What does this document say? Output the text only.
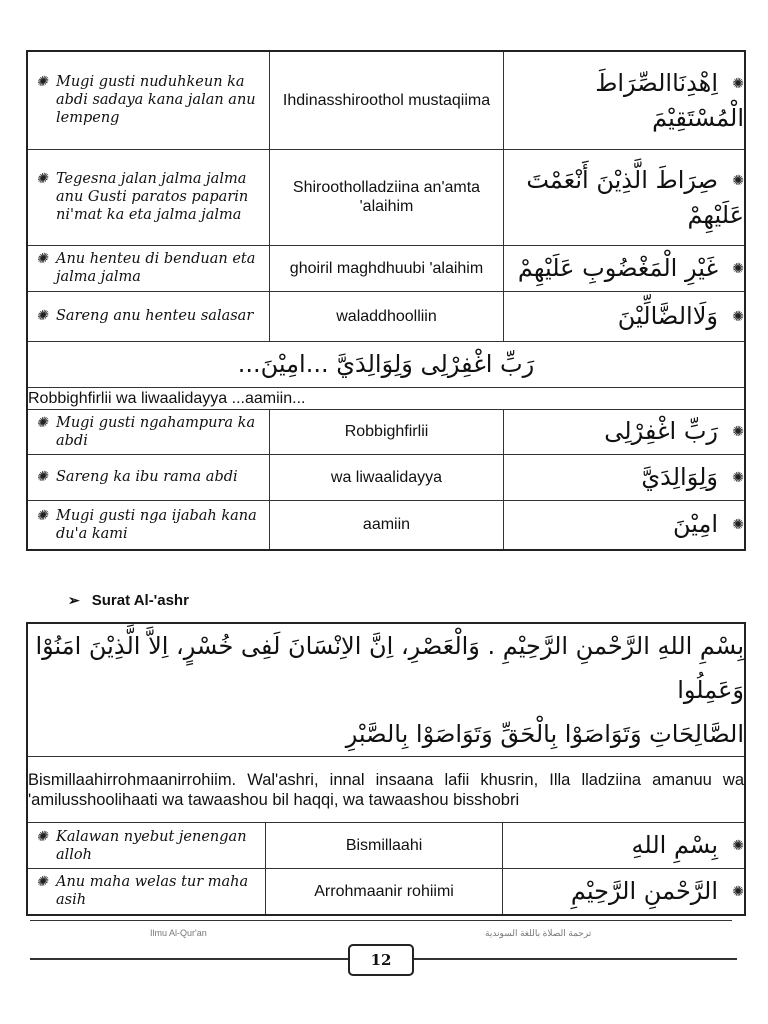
✺ Mugi gusti nuduhkeun ka abdi sadaya kana jalan anu lempeng	Ihdinasshiroothol mustaqiima	✺اِهْدِنَاالصِّرَاطَ الْمُسْتَقِيْمَ

✺ Tegesna jalan jalma jalma anu Gusti paratos paparin ni'mat ka eta jalma jalma	Shirootholladziina an'amta 'alaihim	✺صِرَاطَ الَّذِيْنَ أَنْعَمْتَ عَلَيْهِمْ

✺ Anu henteu di benduan eta jalma jalma	ghoiril maghdhuubi 'alaihim	✺غَيْرِ الْمَغْضُوبِ عَلَيْهِمْ

✺ Sareng anu henteu salasar	waladdhoolliin	✺وَلَاالضَّالِّيْنَ
رَبِّ اغْفِرْلِى وَلِوَالِدَيَّ ...امِيْنَ...		
Robbighfirlii wa liwaalidayya ...aamiin...		

✺ Mugi gusti ngahampura ka abdi	Robbighfirlii	✺رَبِّ اغْفِرْلِى

✺ Sareng ka ibu rama abdi	wa liwaalidayya	✺وَلِوَالِدَيَّ

✺ Mugi gusti nga ijabah kana du'a kami	aamiin	✺امِيْنَ
➢ Surat Al-'ashr
بِسْمِ اللهِ الرَّحْمنِ الرَّحِيْمِ . وَالْعَصْرِ، اِنَّ الاِنْسَانَ لَفِى خُسْرٍ، اِلاَّ الَّذِيْنَ امَنُوْا وَعَمِلُوا
الصَّالِحَاتِ وَتَوَاصَوْا بِالْحَقِّ وَتَوَاصَوْا بِالصَّبْرِ		

Bismillaahirrohmaanirrohiim. Wal'ashri, innal insaana lafii khusrin, Illa lladziina amanuu wa 'amilusshoolihaati wa tawaashou bil haqqi, wa tawaashou bisshobri		

✺ Kalawan nyebut jenengan alloh	Bismillaahi	✺بِسْمِ اللهِ

✺ Anu maha welas tur maha asih	Arrohmaanir rohiimi	✺الرَّحْمنِ الرَّحِيْمِ
Ilmu Al-Qur'an	ترجمة الصلاة باللغة السوندية
12
